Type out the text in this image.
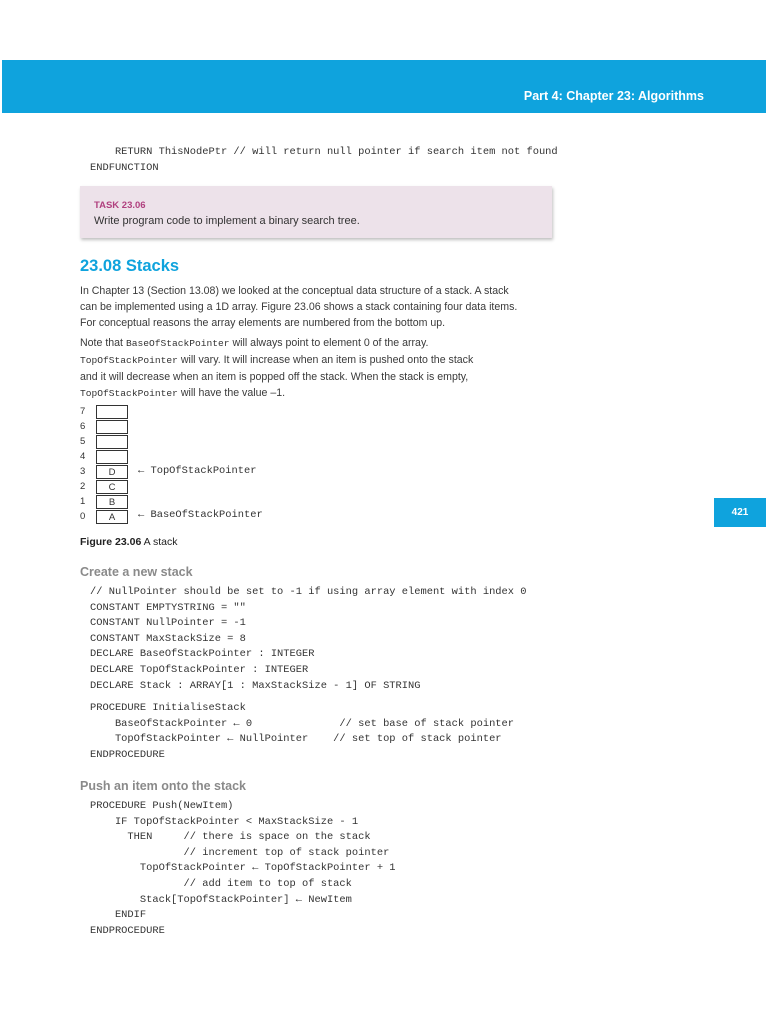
Part 4: Chapter 23: Algorithms
421
RETURN ThisNodePtr // will return null pointer if search item not found
ENDFUNCTION
TASK 23.06
Write program code to implement a binary search tree.
23.08 Stacks
In Chapter 13 (Section 13.08) we looked at the conceptual data structure of a stack. A stack
can be implemented using a 1D array. Figure 23.06 shows a stack containing four data items.
For conceptual reasons the array elements are numbered from the bottom up.
Note that BaseOfStackPointer will always point to element 0 of the array.
TopOfStackPointer will vary. It will increase when an item is pushed onto the stack
and it will decrease when an item is popped off the stack. When the stack is empty,
TopOfStackPointer will have the value –1.
7
6
5
4
3
2
1
0
D
C
B
A
← TopOfStackPointer
← BaseOfStackPointer
Figure 23.06 A stack
Create a new stack
// NullPointer should be set to -1 if using array element with index 0
CONSTANT EMPTYSTRING = ""
CONSTANT NullPointer = -1
CONSTANT MaxStackSize = 8
DECLARE BaseOfStackPointer : INTEGER
DECLARE TopOfStackPointer : INTEGER
DECLARE Stack : ARRAY[1 : MaxStackSize - 1] OF STRING
PROCEDURE InitialiseStack
BaseOfStackPointer ← 0              // set base of stack pointer
TopOfStackPointer ← NullPointer    // set top of stack pointer
ENDPROCEDURE
Push an item onto the stack
PROCEDURE Push(NewItem)
IF TopOfStackPointer < MaxStackSize - 1
THEN     // there is space on the stack
// increment top of stack pointer
TopOfStackPointer ← TopOfStackPointer + 1
// add item to top of stack
Stack[TopOfStackPointer] ← NewItem
ENDIF
ENDPROCEDURE
